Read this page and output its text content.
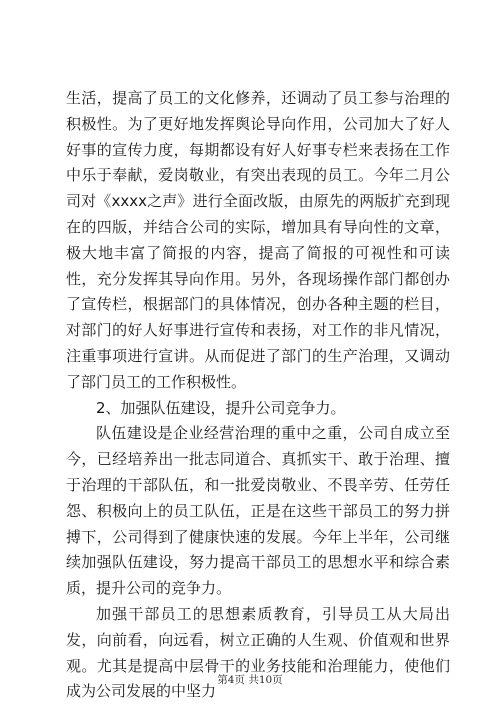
生活，提高了员工的文化修养，还调动了员工参与治理的积极性。为了更好地发挥舆论导向作用，公司加大了好人好事的宣传力度，每期都设有好人好事专栏来表扬在工作中乐于奉献，爱岗敬业，有突出表现的员工。今年二月公司对《xxxx之声》进行全面改版，由原先的两版扩充到现在的四版，并结合公司的实际，增加具有导向性的文章，极大地丰富了简报的内容，提高了简报的可视性和可读性，充分发挥其导向作用。另外，各现场操作部门都创办了宣传栏，根据部门的具体情况，创办各种主题的栏目，对部门的好人好事进行宣传和表扬，对工作的非凡情况，注重事项进行宣讲。从而促进了部门的生产治理，又调动了部门员工的工作积极性。

2、加强队伍建设，提升公司竞争力。

队伍建设是企业经营治理的重中之重，公司自成立至今，已经培养出一批志同道合、真抓实干、敢于治理、擅于治理的干部队伍，和一批爱岗敬业、不畏辛劳、任劳任怨、积极向上的员工队伍，正是在这些干部员工的努力拼搏下，公司得到了健康快速的发展。今年上半年，公司继续加强队伍建设，努力提高干部员工的思想水平和综合素质，提升公司的竞争力。

加强干部员工的思想素质教育，引导员工从大局出发，向前看，向远看，树立正确的人生观、价值观和世界观。尤其是提高中层骨干的业务技能和治理能力，使他们成为公司发展的中坚力

第4页 共10页
